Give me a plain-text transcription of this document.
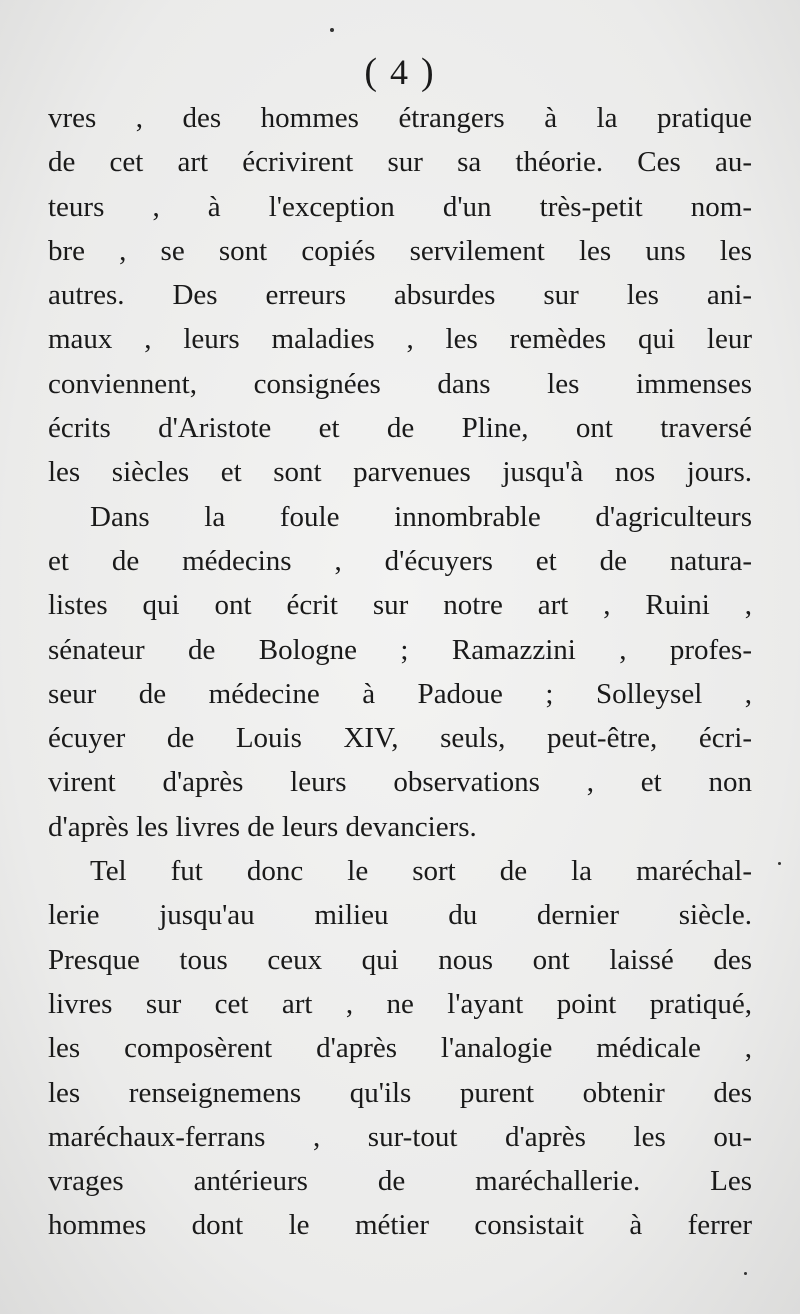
( 4 )

vres , des hommes étrangers à la pratique
de cet art écrivirent sur sa théorie. Ces au-
teurs , à l'exception d'un très-petit nom-
bre , se sont copiés servilement les uns les
autres. Des erreurs absurdes sur les ani-
maux , leurs maladies , les remèdes qui leur
conviennent, consignées dans les immenses
écrits d'Aristote et de Pline, ont traversé
les siècles et sont parvenues jusqu'à nos jours.

Dans la foule innombrable d'agriculteurs
et de médecins , d'écuyers et de natura-
listes qui ont écrit sur notre art , Ruini ,
sénateur de Bologne ; Ramazzini , profes-
seur de médecine à Padoue ; Solleysel ,
écuyer de Louis XIV, seuls, peut-être, écri-
virent d'après leurs observations , et non
d'après les livres de leurs devanciers.

Tel fut donc le sort de la maréchal-
lerie jusqu'au milieu du dernier siècle.
Presque tous ceux qui nous ont laissé des
livres sur cet art , ne l'ayant point pratiqué,
les composèrent d'après l'analogie médicale ,
les renseignemens qu'ils purent obtenir des
maréchaux-ferrans , sur-tout d'après les ou-
vrages antérieurs de maréchallerie. Les
hommes dont le métier consistait à ferrer
